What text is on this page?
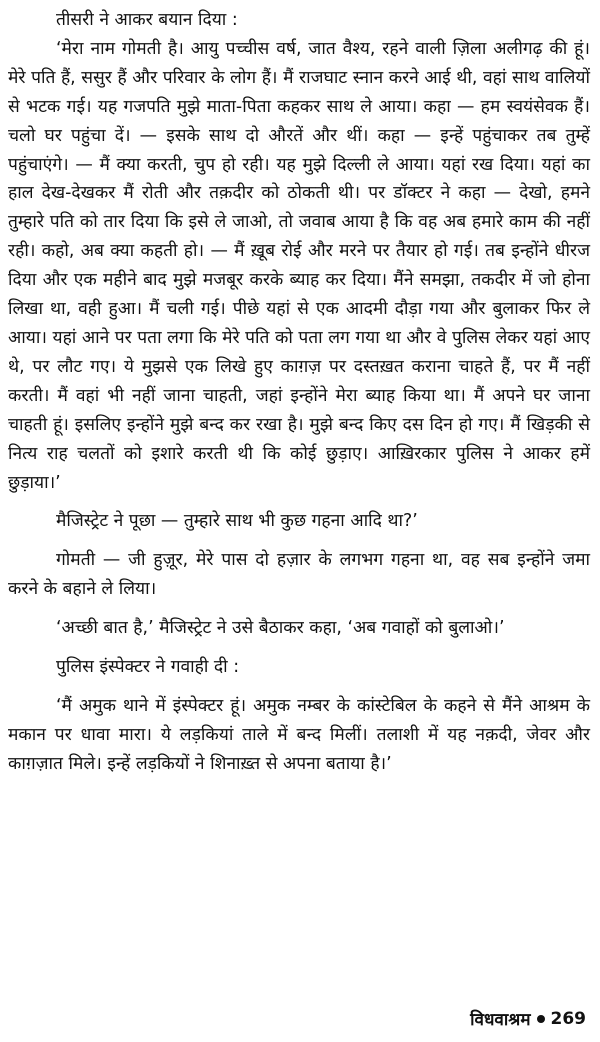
तीसरी ने आकर बयान दिया :

‘मेरा नाम गोमती है। आयु पच्चीस वर्ष, जात वैश्य, रहने वाली ज़िला अलीगढ़ की हूं। मेरे पति हैं, ससुर हैं और परिवार के लोग हैं। मैं राजघाट स्नान करने आई थी, वहां साथ वालियों से भटक गई। यह गजपति मुझे माता-पिता कहकर साथ ले आया। कहा — हम स्वयंसेवक हैं। चलो घर पहुंचा दें। — इसके साथ दो औरतें और थीं। कहा — इन्हें पहुंचाकर तब तुम्हें पहुंचाएंगे। — मैं क्या करती, चुप हो रही। यह मुझे दिल्ली ले आया। यहां रख दिया। यहां का हाल देख-देखकर मैं रोती और तक़दीर को ठोकती थी। पर डॉक्टर ने कहा — देखो, हमने तुम्हारे पति को तार दिया कि इसे ले जाओ, तो जवाब आया है कि वह अब हमारे काम की नहीं रही। कहो, अब क्या कहती हो। — मैं ख़ूब रोई और मरने पर तैयार हो गई। तब इन्होंने धीरज दिया और एक महीने बाद मुझे मजबूर करके ब्याह कर दिया। मैंने समझा, तकदीर में जो होना लिखा था, वही हुआ। मैं चली गई। पीछे यहां से एक आदमी दौड़ा गया और बुलाकर फिर ले आया। यहां आने पर पता लगा कि मेरे पति को पता लग गया था और वे पुलिस लेकर यहां आए थे, पर लौट गए। ये मुझसे एक लिखे हुए काग़ज़ पर दस्तख़त कराना चाहते हैं, पर मैं नहीं करती। मैं वहां भी नहीं जाना चाहती, जहां इन्होंने मेरा ब्याह किया था। मैं अपने घर जाना चाहती हूं। इसलिए इन्होंने मुझे बन्द कर रखा है। मुझे बन्द किए दस दिन हो गए। मैं खिड़की से नित्य राह चलतों को इशारे करती थी कि कोई छुड़ाए। आख़िरकार पुलिस ने आकर हमें छुड़ाया।’

मैजिस्ट्रेट ने पूछा — तुम्हारे साथ भी कुछ गहना आदि था?’

गोमती — जी हुज़ूर, मेरे पास दो हज़ार के लगभग गहना था, वह सब इन्होंने जमा करने के बहाने ले लिया।

‘अच्छी बात है,’ मैजिस्ट्रेट ने उसे बैठाकर कहा, ‘अब गवाहों को बुलाओ।’

पुलिस इंस्पेक्टर ने गवाही दी :

‘मैं अमुक थाने में इंस्पेक्टर हूं। अमुक नम्बर के कांस्टेबिल के कहने से मैंने आश्रम के मकान पर धावा मारा। ये लड़कियां ताले में बन्द मिलीं। तलाशी में यह नक़दी, जेवर और काग़ज़ात मिले। इन्हें लड़कियों ने शिनाख़्त से अपना बताया है।’

विधवाश्रम 269
